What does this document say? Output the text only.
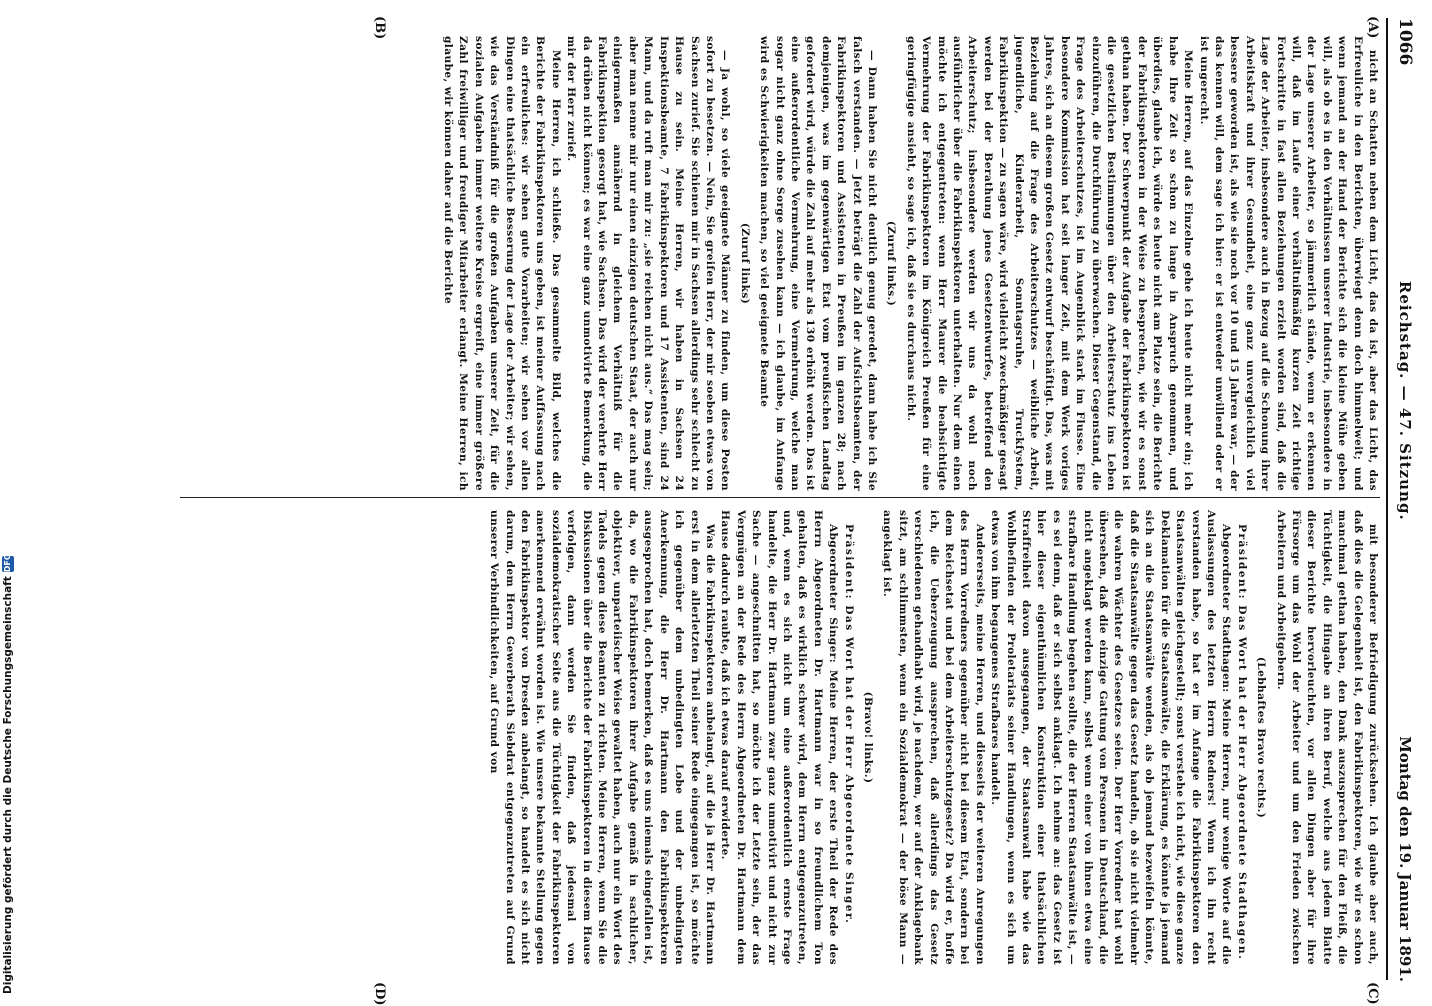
1066
Reichstag. — 47. Sitzung.
Montag den 19. Januar 1891.
(A)
(B)
(C)
(D)

nicht an Schatten neben dem Licht, das da ist, aber das Licht, das Erfreuliche in den Berichten, überwiegt denn doch himmelweit; und wenn jemand an der Hand der Berichte sich die kleine Mühe geben will, als ob es in den Verhältnissen unserer Industrie, insbesondere in der Lage unserer Arbeiter, so jämmerlich stände, wenn er erkennen will, daß im Laufe einer verhältnißmäßig kurzen Zeit richtige Fortschritte in fast allen Beziehungen erzielt worden sind, daß die Lage der Arbeiter, insbesondere auch in Bezug auf die Schonung ihrer Arbeitskraft und ihrer Gesundheit, eine ganz unvergleichlich viel bessere geworden ist, als wie sie noch vor 10 und 15 Jahren war, — der das kennen will, dem sage ich hier: er ist entweder unwillend oder er ist ungerecht.

Meine Herren, auf das Einzelne gehe ich heute nicht mehr ein; ich habe Ihre Zeit so schon zu lange in Anspruch genommen, und überdies, glaube ich, würde es heute nicht am Platze sein, die Berichte der Fabrikinspektoren in der Weise zu besprechen, wie wir es sonst gethan haben. Der Schwerpunkt der Aufgabe der Fabrikinspektoren ist die gesetzlichen Bestimmungen über den Arbeiterschutz ins Leben einzuführen, die Durchführung zu überwachen. Dieser Gegenstand, die Frage des Arbeiterschutzes, ist im Augenblick stark im Flusse. Eine besondere Kommission hat seit langer Zeit, mit dem Werk voriges Jahres, sich an diesem großen Gesetz entwurf beschäftigt. Das, was mit Beziehung auf die Frage des Arbeiterschutzes — weibliche Arbeit, jugendliche, Kinderarbeit, Sonntagsruhe, Truckfystem, Fabrikinspektion — zu sagen wäre, wird vielleicht zweckmäßiger gesagt werden bei der Berathung jenes Gesetzentwurfes, betreffend den Arbeiterschutz; insbesondere werden wir uns da wohl noch ausführlicher über die Fabrikinspektoren unterhalten. Nur dem einen möchte ich entgegentreten: wenn Herr Maurer die beabsichtigte Vermehrung der Fabrikinspektoren im Königreich Preußen für eine geringfügige ansieht, so sage ich, daß sie es durchaus nicht.

(Zuruf links.)

— Dann haben Sie nicht deutlich genug geredet, dann habe ich Sie falsch verstanden. — Jetzt beträgt die Zahl der Aufsichtsbeamten, der Fabrikinspektoren und Assistenten in Preußen im ganzen 28; nach demjenigen, was im gegenwärtigen Etat vom preußischen Landtag gefordert wird, würde die Zahl auf mehr als 130 erhöht werden. Das ist eine außerordentliche Vermehrung, eine Vermehrung, welche man sogar nicht ganz ohne Sorge zusehen kann — ich glaube, im Anfange wird es Schwierigkeiten machen, so viel geeignete Beamte

(Zuruf links)

— Ja wohl, so viele geeignete Männer zu finden, um diese Posten sofort zu besetzen. — Nein, Sie greifen Herr, der mir soeben etwas von Sachsen zurief. Sie schienen mir in Sachsen allerdings sehr schlecht zu Hause zu sein. Meine Herren, wir haben in Sachsen 24 Inspektionsbeamte, 7 Fabrikinspektoren und 17 Assistenten, sind 24 Mann, und da ruft man mir zu: „sie reichen nicht aus.“ Das mag sein; aber man nenne mir nur einen einzigen deutschen Staat, der auch nur einigermaßen annähernd in gleichem Verhältniß für die Fabrikinspektion gesorgt hat, wie Sachsen. Das wird der verehrte Herr da drüben nicht können; es war eine ganz unmotivirte Bemerkung, die mir der Herr zurief.

Meine Herren, ich schließe. Das gesammelte Bild, welches die Berichte der Fabrikinspektoren uns geben, ist meiner Auffassung nach ein erfreuliches: wir sehen gute Vorarbeiten; wir sehen vor allen Dingen eine thatsächliche Besserung der Lage der Arbeiter; wir sehen, wie das Verständniß für die großen Aufgaben unserer Zeit, für die sozialen Aufgaben immer weitere Kreise ergreift, eine immer größere Zahl freiwilliger und freudiger Mitarbeiter erlangt. Meine Herren, ich glaube, wir können daher auf die Berichte

mit besonderer Befriedigung zurücksehen. Ich glaube aber auch, daß dies die Gelegenheit ist, den Fabrikinspektoren, wie wir es schon manchmal gethan haben, den Dank auszusprechen für den Fleiß, die Tüchtigkeit, die Hingabe an ihren Beruf, welche aus jedem Blatte dieser Berichte hervorleuchten, vor allen Dingen aber für ihre Fürsorge um das Wohl der Arbeiter und um den Frieden zwischen Arbeitern und Arbeitgebern.

(Lebhaftes Bravo rechts.)

Präsident: Das Wort hat der Herr Abgeordnete Stadthagen.

Abgeordneter Stadthagen: Meine Herren, nur wenige Worte auf die Auslassungen des letzten Herrn Redners! Wenn ich ihn recht verstanden habe, so hat er im Anfange die Fabrikinspektoren den Staatsanwälten gleichgestellt; sonst verstehe ich nicht, wie diese ganze Deklamation für die Staatsanwälte, die Erklärung, es könnte ja jemand sich an die Staatsanwälte wenden, als ob jemand bezweifeln könnte, daß die Staatsanwälte gegen das Gesetz handeln, ob sie nicht vielmehr die wahren Wächter des Gesetzes seien. Der Herr Vorredner hat wohl übersehen, daß die einzige Gattung von Personen in Deutschland, die nicht angeklagt werden kann, selbst wenn einer von ihnen etwa eine strafbare Handlung begehen sollte, die der Herren Staatsanwälte ist, — es sei denn, daß er sich selbst anklagt. Ich nehme an: das Gesetz ist hier dieser eigenthümlichen Konstruktion einer thatsächlichen Straffreiheit davon ausgegangen, der Staatsanwalt habe wie das Wohlbefinden der Proletariats seiner Handlungen, wenn es sich um etwas von ihm begangenes Strafbares handelt.

Andererseits, meine Herren, und diesseits der weiteren Anregungen des Herrn Vorredners gegenüber nicht bei diesem Etat, sondern bei dem Reichsetat und bei dem Arbeiterschutzgesetz? Da wird er, hoffe ich, die Ueberzeugung aussprechen, daß allerdings das Gesetz verschiedenen gehandhabt wird, je nachdem, wer auf der Anklagebank sitzt, am schlimmsten, wenn ein Sozialdemokrat — der böse Mann — angeklagt ist.

(Bravo! links.)

Präsident: Das Wort hat der Herr Abgeordnete Singer.

Abgeordneter Singer: Meine Herren, der erste Theil der Rede des Herrn Abgeordneten Dr. Hartmann war in so freundlichem Ton gehalten, daß es wirklich schwer wird, dem Herrn entgegenzutreten, und, wenn es sich nicht um eine außerordentlich ernste Frage handelte, die Herr Dr. Hartmann zwar ganz unmotivirt und nicht zur Sache — angeschnitten hat, so möchte ich der Letzte sein, der das Vergnügen an der Rede des Herrn Abgeordneten Dr. Hartmann dem Hause dadurch raubte, daß ich etwas darauf erwiderte.

Was die Fabrikinspektoren anbelangt, auf die ja Herr Dr. Hartmann erst in dem allerletzten Theil seiner Rede eingegangen ist, so möchte ich gegenüber dem unbedingten Lobe und der unbedingten Anerkennung, die Herr Dr. Hartmann den Fabrikinspektoren ausgesprochen hat, doch bemerken, daß es uns niemals eingefallen ist, da, wo die Fabrikinspektoren ihrer Aufgabe gemäß in sachlicher, objektiver, unparteiischer Weise gewaltet haben, auch nur ein Wort des Tadels gegen diese Beamten zu richten. Meine Herren, wenn Sie die Diskussionen über die Berichte der Fabrikinspektoren in diesem Hause verfolgen, dann werden Sie finden, daß jedesmal von sozialdemokratischer Seite aus die Tüchtigkeit der Fabrikinspektoren anerkennend erwähnt worden ist. Wie unsere bekannte Stellung gegen den Fabrikinspektor von Dresden anbelangt, so handelt es sich nicht darum, dem Herrn Gewerberath Siebdrat entgegenzutreten auf Grund unserer Verbindlichkeiten, auf Grund von

Digitalisierung gefördert durch die Deutsche Forschungsgemeinschaft
DFG
